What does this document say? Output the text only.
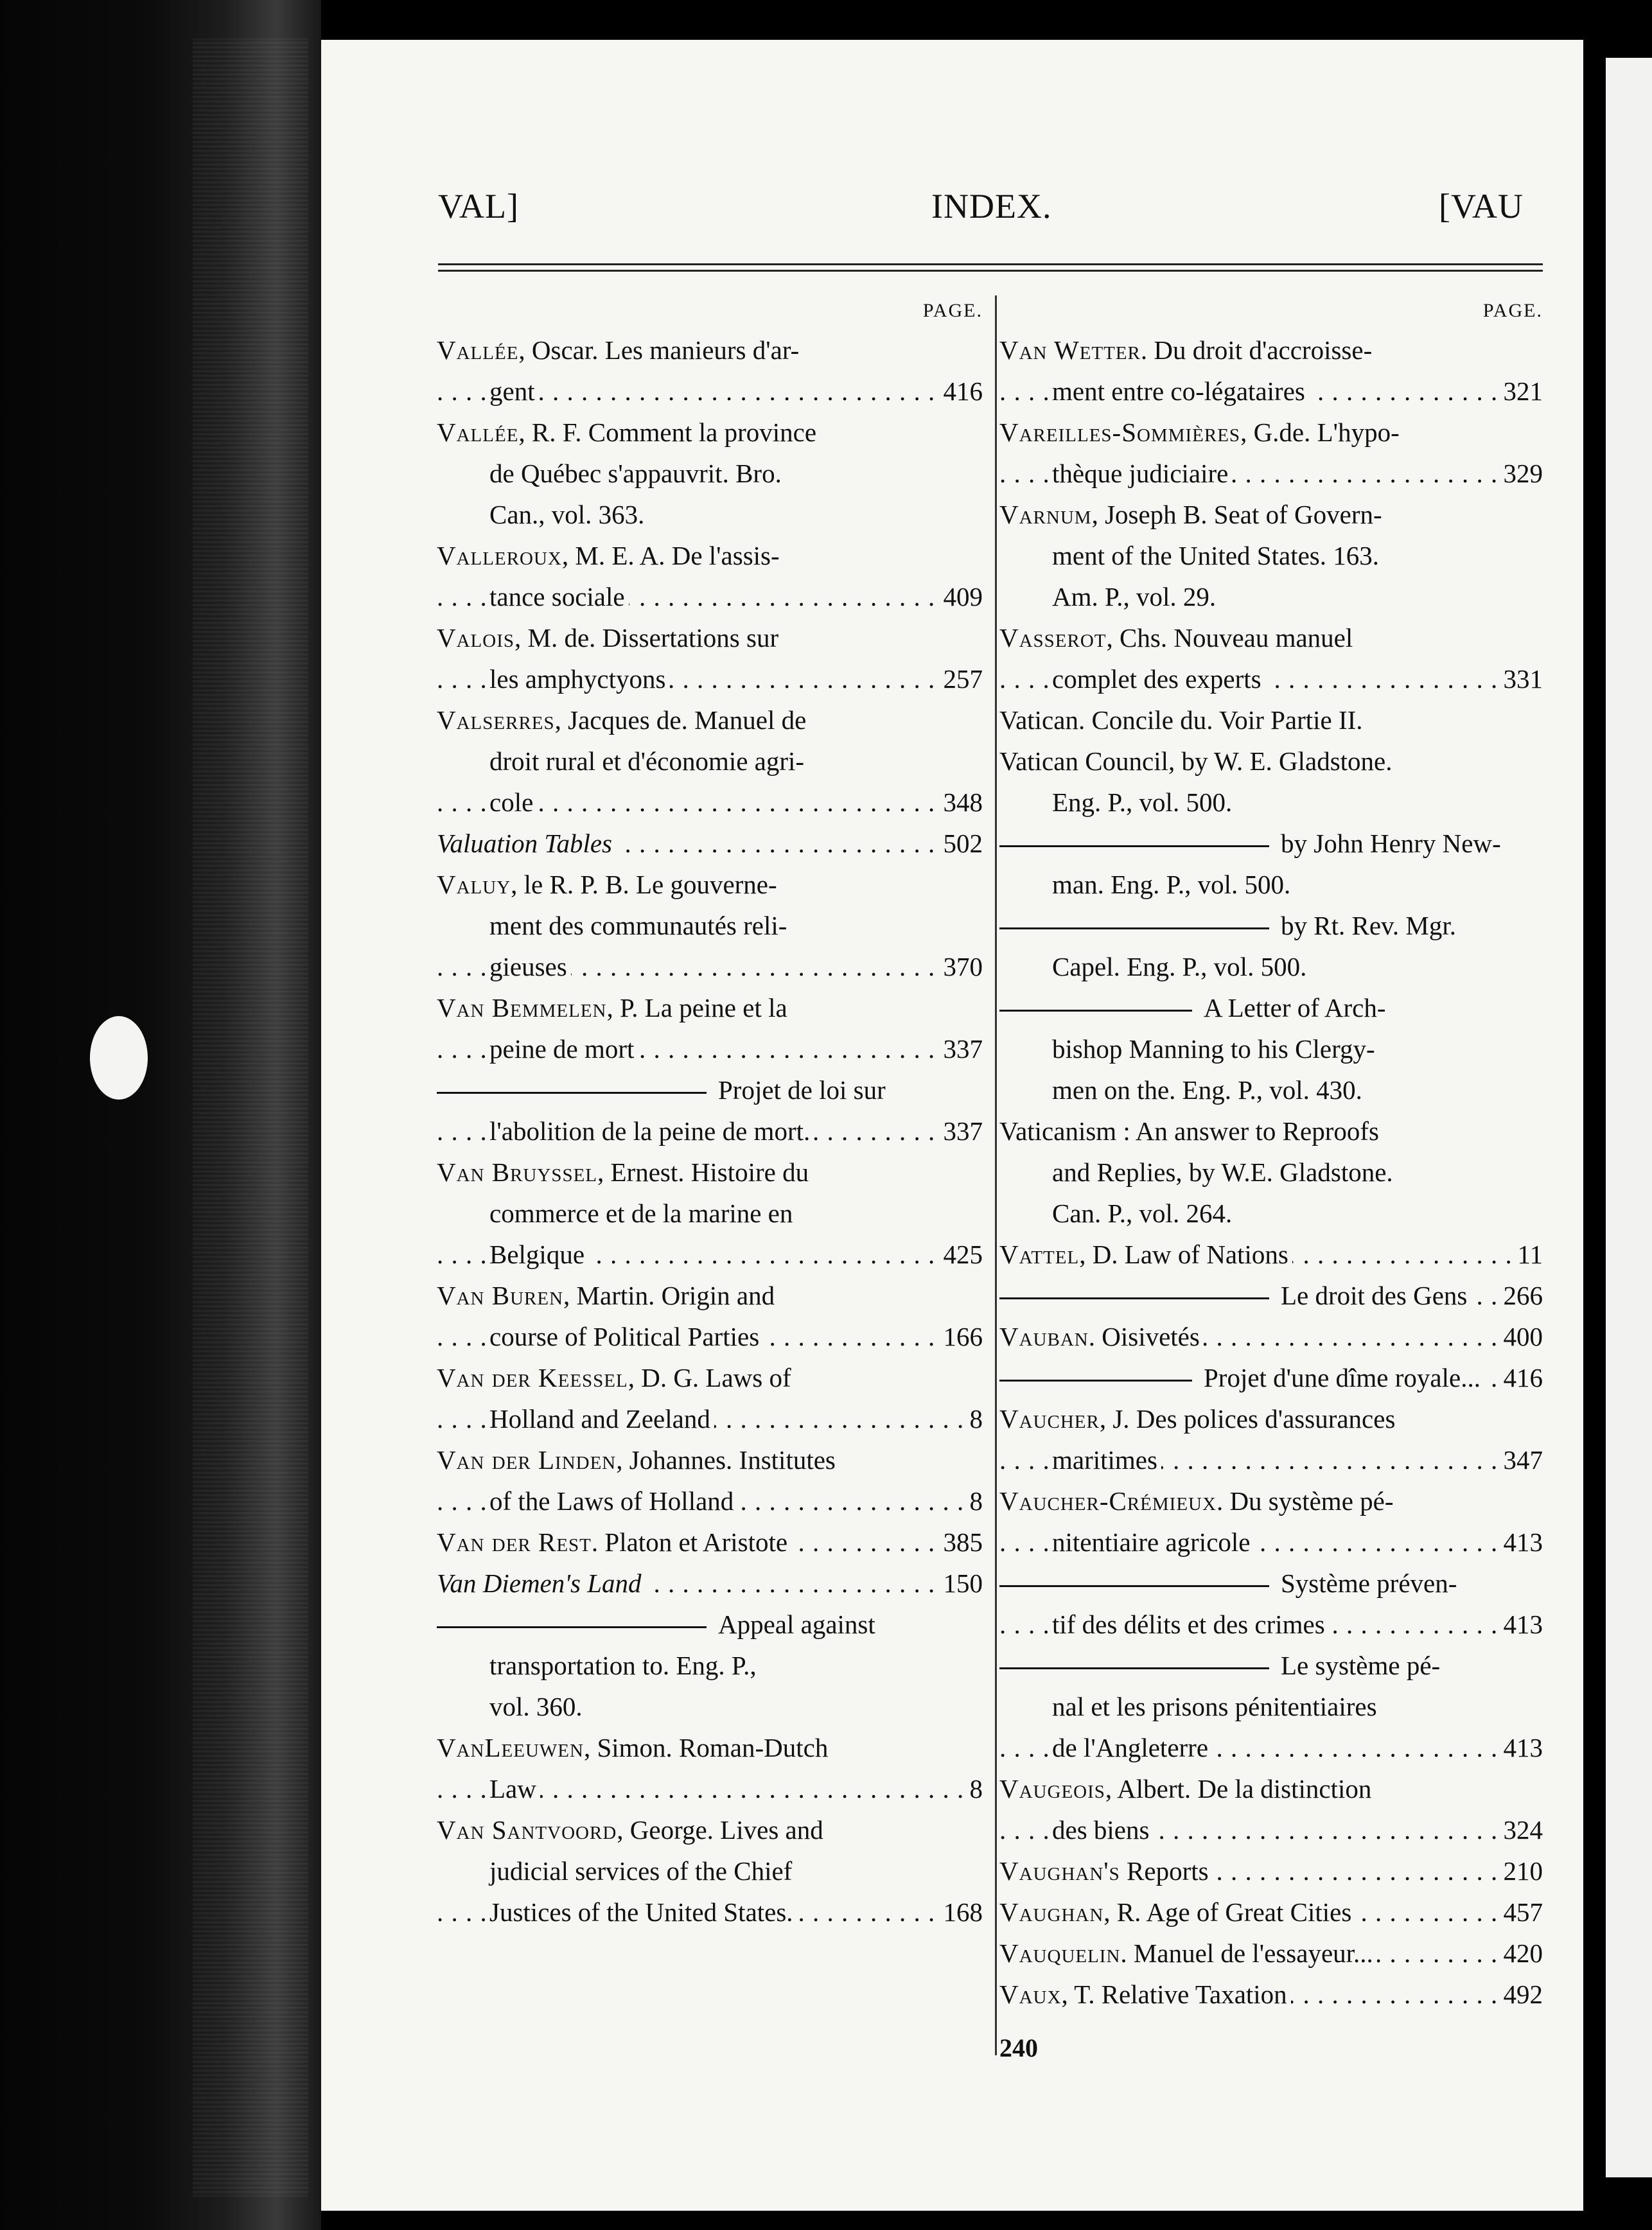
VAL]	INDEX.	[VAU
PAGE.
Vallée, Oscar. Les manieurs d'ar-
gent	416
. . .
Vallée, R. F. Comment la province
de Québec s'appauvrit. Bro.
Can., vol. 363.
Valleroux, M. E. A. De l'assis-
tance sociale	409
. . .
Valois, M. de. Dissertations sur
les amphyctyons	257
. . .
Valserres, Jacques de. Manuel de
droit rural et d'économie agri-
cole	348
. . .
Valuation Tables	502
. . .
Valuy, le R. P. B. Le gouverne-
ment des communautés reli-
gieuses	370
. . .
Van Bemmelen, P. La peine et la
peine de mort	337
. . .
Projet de loi sur
l'abolition de la peine de mort.	337
. . .
Van Bruyssel, Ernest. Histoire du
commerce et de la marine en
Belgique	425
. . .
Van Buren, Martin. Origin and
course of Political Parties	166
. . .
Van der Keessel, D. G. Laws of
Holland and Zeeland	8
. . .
Van der Linden, Johannes. Institutes
of the Laws of Holland	8
. . .
Van der Rest. Platon et Aristote	385
. . .
Van Diemen's Land	150
. . .
Appeal against
transportation to. Eng. P.,
vol. 360.
VanLeeuwen, Simon. Roman-Dutch
Law	8
. . .
Van Santvoord, George. Lives and
judicial services of the Chief
Justices of the United States.	168
. . .
PAGE.
Van Wetter. Du droit d'accroisse-
ment entre co-légataires	321
. . .
Vareilles-Sommières, G.de. L'hypo-
thèque judiciaire	329
. . .
Varnum, Joseph B. Seat of Govern-
ment of the United States. 163.
Am. P., vol. 29.
Vasserot, Chs. Nouveau manuel
complet des experts	331
. . .
Vatican. Concile du. Voir Partie II.
Vatican Council, by W. E. Gladstone.
Eng. P., vol. 500.
by John Henry New-
man. Eng. P., vol. 500.
by Rt. Rev. Mgr.
Capel. Eng. P., vol. 500.
A Letter of Arch-
bishop Manning to his Clergy-
men on the. Eng. P., vol. 430.
Vaticanism : An answer to Reproofs
and Replies, by W.E. Gladstone.
Can. P., vol. 264.
Vattel, D. Law of Nations	11
. . .
Le droit des Gens 266
. . .
Vauban. Oisivetés	400
. . .
Projet d'une dîme royale... 416
. . .
Vaucher, J. Des polices d'assurances
maritimes	347
. . .
Vaucher-Crémieux. Du système pé-
nitentiaire agricole	413
. . .
Système préven-
tif des délits et des crimes	413
. . .
Le système pé-
nal et les prisons pénitentiaires
de l'Angleterre	413
. . .
Vaugeois, Albert. De la distinction
des biens	324
. . .
Vaughan's Reports	210
. . .
Vaughan, R. Age of Great Cities	457
. . .
Vauquelin. Manuel de l'essayeur...	420
. . .
Vaux, T. Relative Taxation	492
. . .
240
